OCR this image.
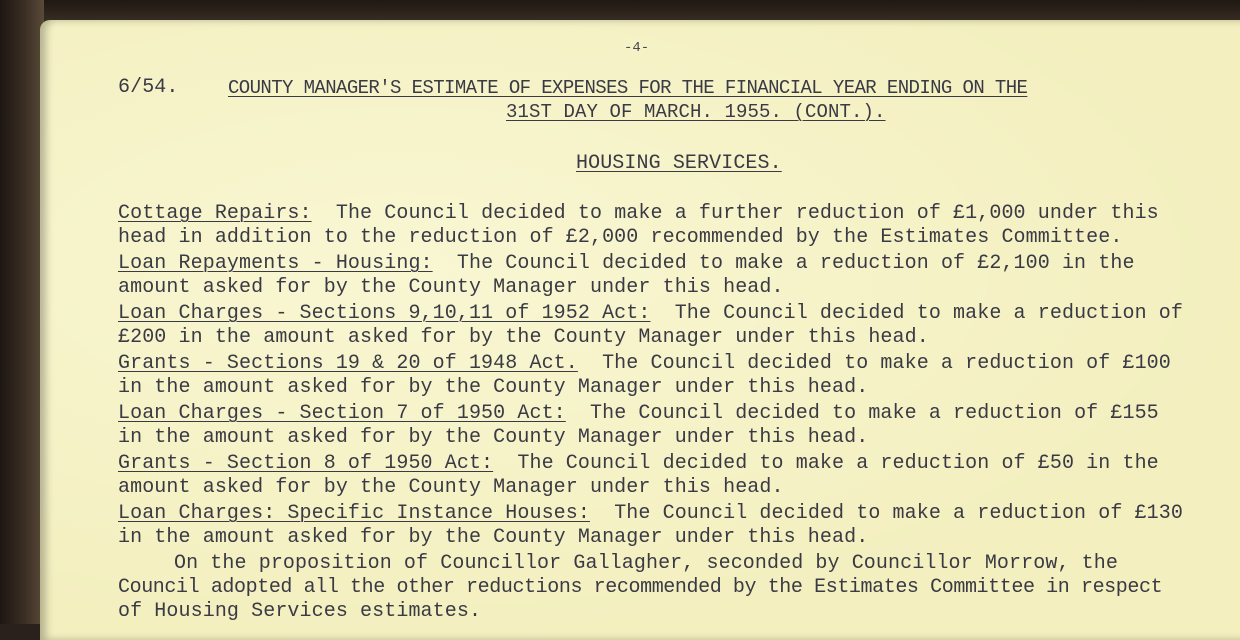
-4-
6/54.	COUNTY MANAGER'S ESTIMATE OF EXPENSES FOR THE FINANCIAL YEAR ENDING ON THE
31ST DAY OF MARCH. 1955. (CONT.).
HOUSING SERVICES.
Cottage Repairs:  The Council decided to make a further reduction of £1,000 under this
head in addition to the reduction of £2,000 recommended by the Estimates Committee.
Loan Repayments - Housing:  The Council decided to make a reduction of £2,100 in the
amount asked for by the County Manager under this head.
Loan Charges - Sections 9,10,11 of 1952 Act:  The Council decided to make a reduction of
£200 in the amount asked for by the County Manager under this head.
Grants - Sections 19 & 20 of 1948 Act.  The Council decided to make a reduction of £100
in the amount asked for by the County Manager under this head.
Loan Charges - Section 7 of 1950 Act:  The Council decided to make a reduction of £155
in the amount asked for by the County Manager under this head.
Grants - Section 8 of 1950 Act:  The Council decided to make a reduction of £50 in the
amount asked for by the County Manager under this head.
Loan Charges: Specific Instance Houses:  The Council decided to make a reduction of £130
in the amount asked for by the County Manager under this head.
On the proposition of Councillor Gallagher, seconded by Councillor Morrow, the
Council adopted all the other reductions recommended by the Estimates Committee in respect
of Housing Services estimates.
